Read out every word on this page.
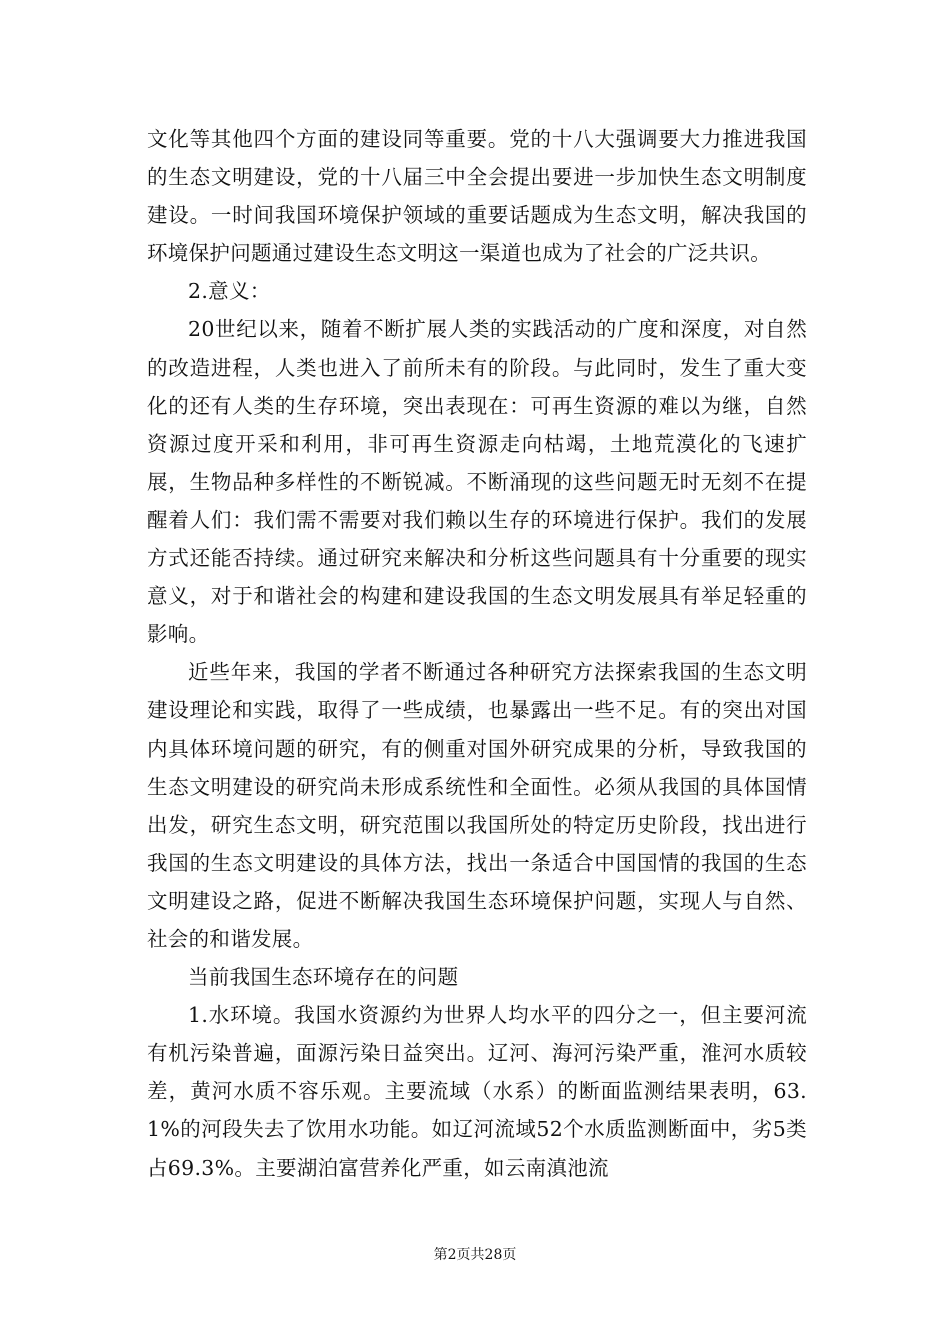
文化等其他四个方面的建设同等重要。党的十八大强调要大力推进我国的生态文明建设，党的十八届三中全会提出要进一步加快生态文明制度建设。一时间我国环境保护领域的重要话题成为生态文明，解决我国的环境保护问题通过建设生态文明这一渠道也成为了社会的广泛共识。

2.意义：

20世纪以来，随着不断扩展人类的实践活动的广度和深度，对自然的改造进程，人类也进入了前所未有的阶段。与此同时，发生了重大变化的还有人类的生存环境，突出表现在：可再生资源的难以为继，自然资源过度开采和利用，非可再生资源走向枯竭，土地荒漠化的飞速扩展，生物品种多样性的不断锐减。不断涌现的这些问题无时无刻不在提醒着人们：我们需不需要对我们赖以生存的环境进行保护。我们的发展方式还能否持续。通过研究来解决和分析这些问题具有十分重要的现实意义，对于和谐社会的构建和建设我国的生态文明发展具有举足轻重的影响。

近些年来，我国的学者不断通过各种研究方法探索我国的生态文明建设理论和实践，取得了一些成绩，也暴露出一些不足。有的突出对国内具体环境问题的研究，有的侧重对国外研究成果的分析，导致我国的生态文明建设的研究尚未形成系统性和全面性。必须从我国的具体国情出发，研究生态文明，研究范围以我国所处的特定历史阶段，找出进行我国的生态文明建设的具体方法，找出一条适合中国国情的我国的生态文明建设之路，促进不断解决我国生态环境保护问题，实现人与自然、社会的和谐发展。

当前我国生态环境存在的问题

1.水环境。我国水资源约为世界人均水平的四分之一，但主要河流有机污染普遍，面源污染日益突出。辽河、海河污染严重，淮河水质较差，黄河水质不容乐观。主要流域（水系）的断面监测结果表明，63.1%的河段失去了饮用水功能。如辽河流域52个水质监测断面中，劣5类占69.3%。主要湖泊富营养化严重，如云南滇池流

第2页共28页
